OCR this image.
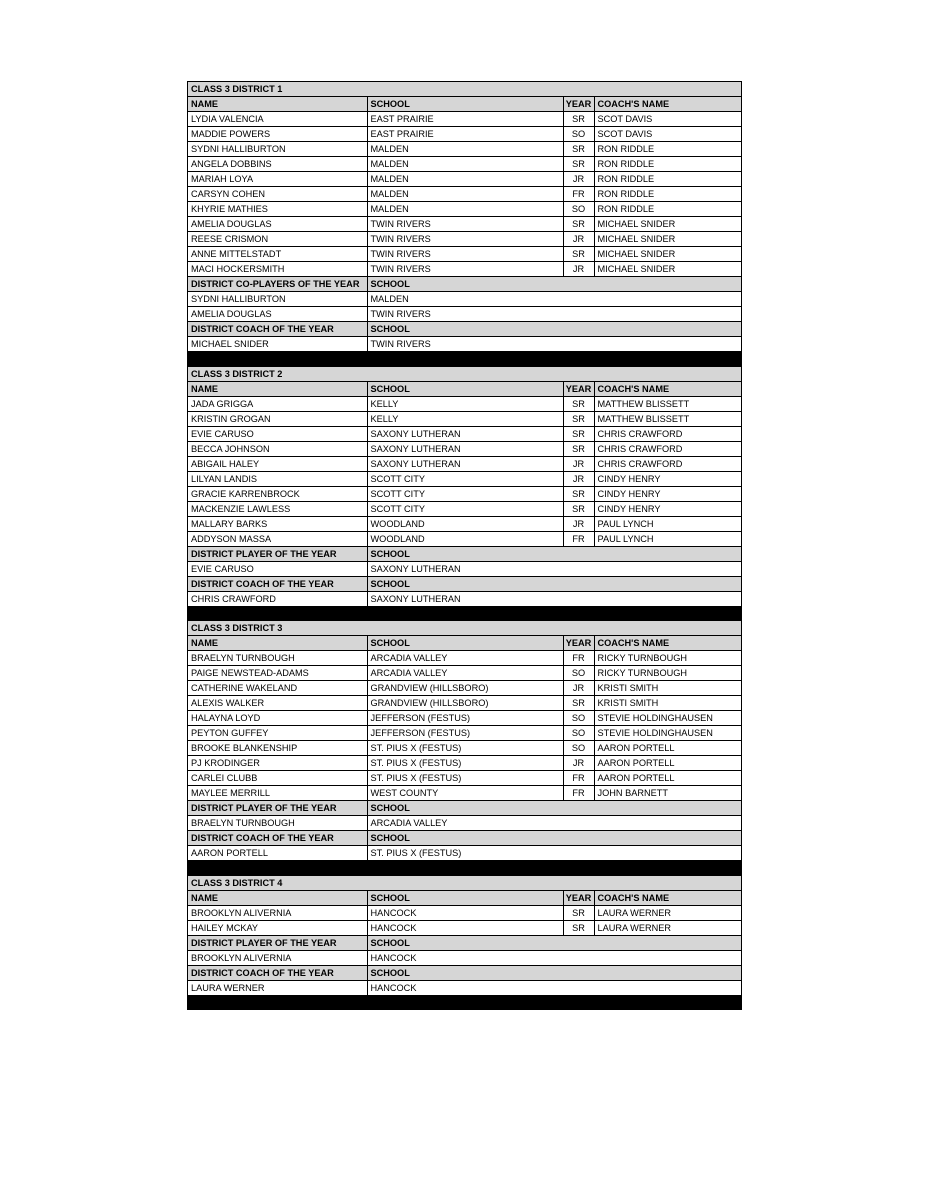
CLASS 3 DISTRICT 1			
NAME	SCHOOL	YEAR	COACH'S NAME
LYDIA VALENCIA	EAST PRAIRIE	SR	SCOT DAVIS
MADDIE POWERS	EAST PRAIRIE	SO	SCOT DAVIS
SYDNI HALLIBURTON	MALDEN	SR	RON RIDDLE
ANGELA DOBBINS	MALDEN	SR	RON RIDDLE
MARIAH LOYA	MALDEN	JR	RON RIDDLE
CARSYN COHEN	MALDEN	FR	RON RIDDLE
KHYRIE MATHIES	MALDEN	SO	RON RIDDLE
AMELIA DOUGLAS	TWIN RIVERS	SR	MICHAEL SNIDER
REESE CRISMON	TWIN RIVERS	JR	MICHAEL SNIDER
ANNE MITTELSTADT	TWIN RIVERS	SR	MICHAEL SNIDER
MACI HOCKERSMITH	TWIN RIVERS	JR	MICHAEL SNIDER
DISTRICT CO-PLAYERS OF THE YEAR	SCHOOL		
SYDNI HALLIBURTON	MALDEN		
AMELIA DOUGLAS	TWIN RIVERS		
DISTRICT COACH OF THE YEAR	SCHOOL		
MICHAEL SNIDER	TWIN RIVERS		

CLASS 3 DISTRICT 2			
NAME	SCHOOL	YEAR	COACH'S NAME
JADA GRIGGA	KELLY	SR	MATTHEW BLISSETT
KRISTIN GROGAN	KELLY	SR	MATTHEW BLISSETT
EVIE CARUSO	SAXONY LUTHERAN	SR	CHRIS CRAWFORD
BECCA JOHNSON	SAXONY LUTHERAN	SR	CHRIS CRAWFORD
ABIGAIL HALEY	SAXONY LUTHERAN	JR	CHRIS CRAWFORD
LILYAN LANDIS	SCOTT CITY	JR	CINDY HENRY
GRACIE KARRENBROCK	SCOTT CITY	SR	CINDY HENRY
MACKENZIE LAWLESS	SCOTT CITY	SR	CINDY HENRY
MALLARY BARKS	WOODLAND	JR	PAUL LYNCH
ADDYSON MASSA	WOODLAND	FR	PAUL LYNCH
DISTRICT PLAYER OF THE YEAR	SCHOOL		
EVIE CARUSO	SAXONY LUTHERAN		
DISTRICT COACH OF THE YEAR	SCHOOL		
CHRIS CRAWFORD	SAXONY LUTHERAN		

CLASS 3 DISTRICT 3			
NAME	SCHOOL	YEAR	COACH'S NAME
BRAELYN TURNBOUGH	ARCADIA VALLEY	FR	RICKY TURNBOUGH
PAIGE NEWSTEAD-ADAMS	ARCADIA VALLEY	SO	RICKY TURNBOUGH
CATHERINE WAKELAND	GRANDVIEW (HILLSBORO)	JR	KRISTI SMITH
ALEXIS WALKER	GRANDVIEW (HILLSBORO)	SR	KRISTI SMITH
HALAYNA LOYD	JEFFERSON (FESTUS)	SO	STEVIE HOLDINGHAUSEN
PEYTON GUFFEY	JEFFERSON (FESTUS)	SO	STEVIE HOLDINGHAUSEN
BROOKE BLANKENSHIP	ST. PIUS X (FESTUS)	SO	AARON PORTELL
PJ KRODINGER	ST. PIUS X (FESTUS)	JR	AARON PORTELL
CARLEI CLUBB	ST. PIUS X (FESTUS)	FR	AARON PORTELL
MAYLEE MERRILL	WEST COUNTY	FR	JOHN BARNETT
DISTRICT PLAYER OF THE YEAR	SCHOOL		
BRAELYN TURNBOUGH	ARCADIA VALLEY		
DISTRICT COACH OF THE YEAR	SCHOOL		
AARON PORTELL	ST. PIUS X (FESTUS)		

CLASS 3 DISTRICT 4			
NAME	SCHOOL	YEAR	COACH'S NAME
BROOKLYN ALIVERNIA	HANCOCK	SR	LAURA WERNER
HAILEY MCKAY	HANCOCK	SR	LAURA WERNER
DISTRICT PLAYER OF THE YEAR	SCHOOL		
BROOKLYN ALIVERNIA	HANCOCK		
DISTRICT COACH OF THE YEAR	SCHOOL		
LAURA WERNER	HANCOCK		
